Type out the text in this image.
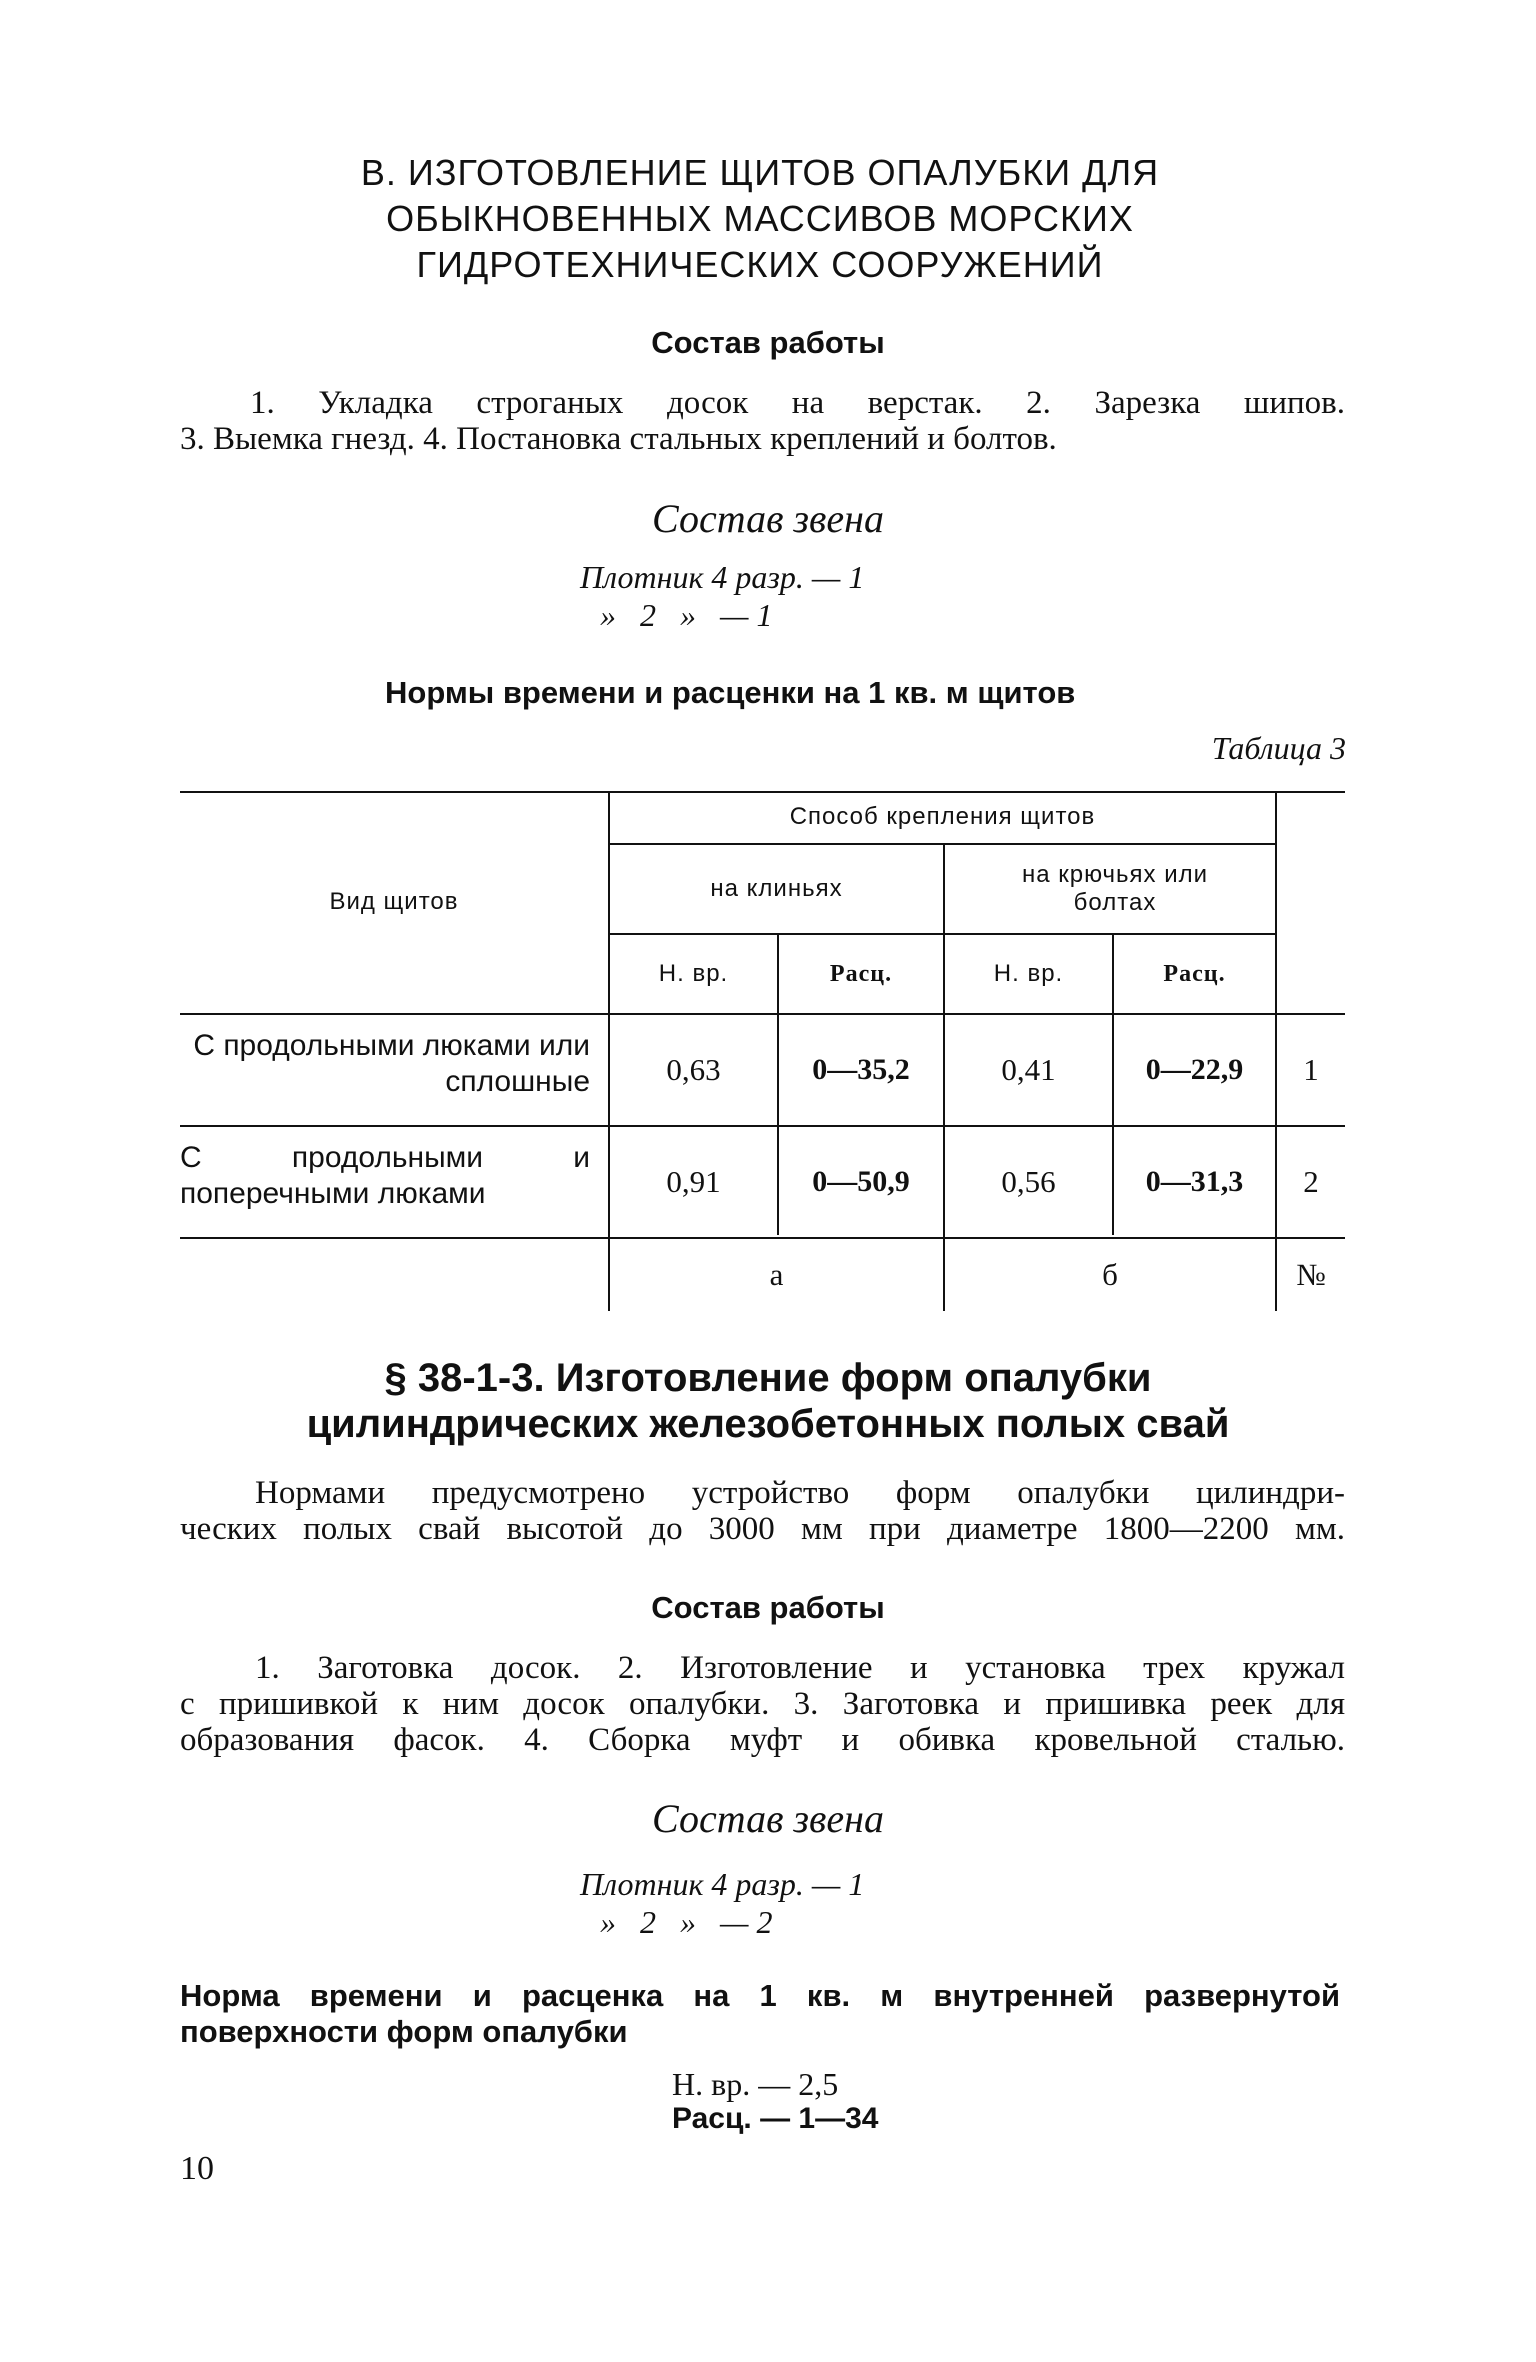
В. ИЗГОТОВЛЕНИЕ ЩИТОВ ОПАЛУБКИ ДЛЯ
ОБЫКНОВЕННЫХ МАССИВОВ МОРСКИХ
ГИДРОТЕХНИЧЕСКИХ СООРУЖЕНИЙ
Состав работы
1. Укладка строганых досок на верстак. 2. Зарезка шипов.
3. Выемка гнезд. 4. Постановка стальных креплений и болтов.
Состав звена
Плотник 4 разр. — 1
»   2   »   — 1
Нормы времени и расценки на 1 кв. м щитов
Таблица 3
Вид щитов
Способ крепления щитов
на клиньях
на крючьях или болтах
Н. вр.	Расц.	Н. вр.	Расц.
С продольными люками или сплошные	0,63	0—35,2	0,41	0—22,9	1
С продольными и поперечными люками	0,91	0—50,9	0,56	0—31,3	2
а	б	№
§ 38-1-3. Изготовление форм опалубки
цилиндрических железобетонных полых свай
Нормами предусмотрено устройство форм опалубки цилиндри-
ческих полых свай высотой до 3000 мм при диаметре 1800—2200 мм.
Состав работы
1. Заготовка досок. 2. Изготовление и установка трех кружал
с пришивкой к ним досок опалубки. 3. Заготовка и пришивка реек для
образования фасок. 4. Сборка муфт и обивка кровельной сталью.
Состав звена
Плотник 4 разр. — 1
»   2   »   — 2
Норма времени и расценка на 1 кв. м внутренней развернутой
поверхности форм опалубки
Н. вр. — 2,5
Расц. — 1—34
10
